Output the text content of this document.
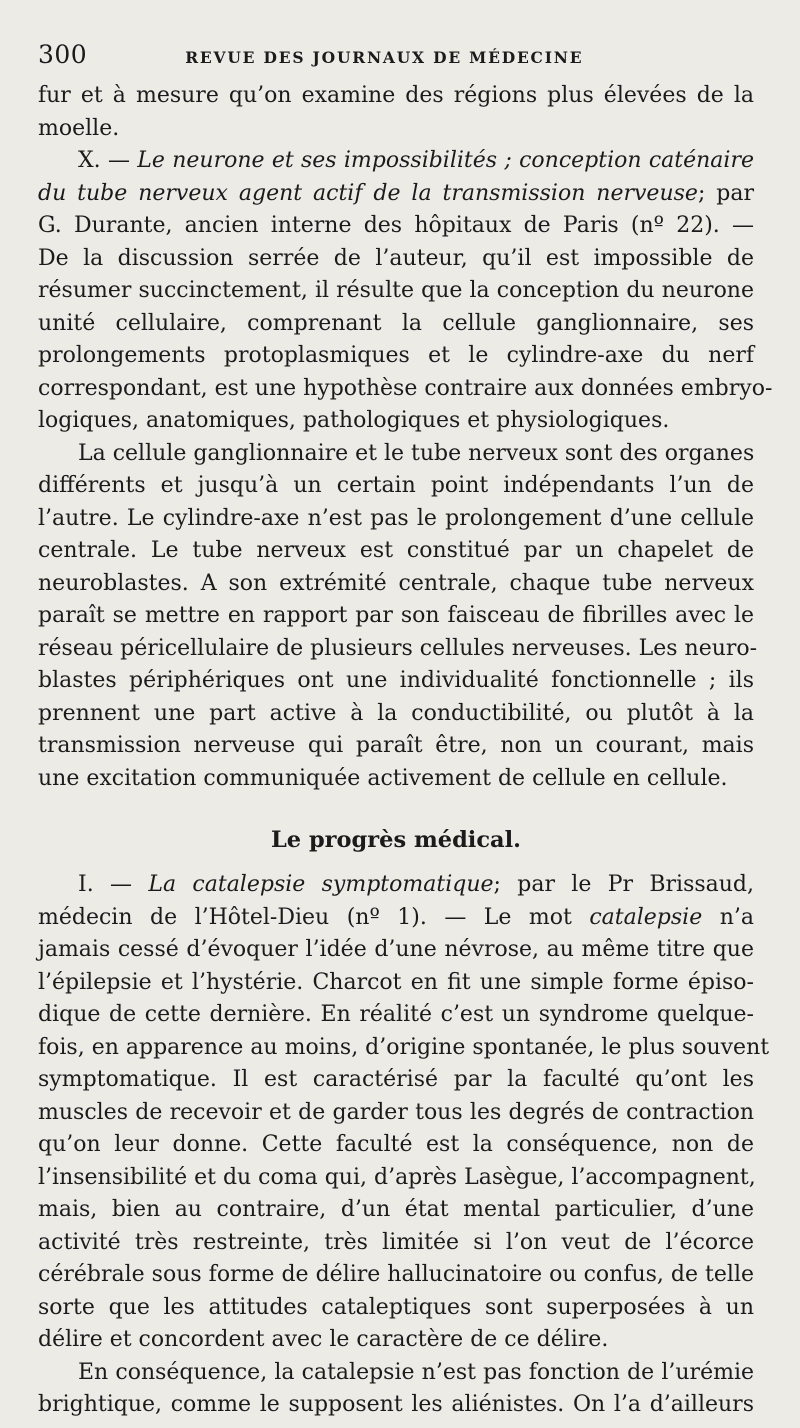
300	REVUE DES JOURNAUX DE MÉDECINE
fur et à mesure qu’on examine des régions plus élevées de la
moelle.
X. — Le neurone et ses impossibilités ; conception caténaire
du tube nerveux agent actif de la transmission nerveuse; par
G. Durante, ancien interne des hôpitaux de Paris (nº 22). —
De la discussion serrée de l’auteur, qu’il est impossible de
résumer succinctement, il résulte que la conception du neurone
unité cellulaire, comprenant la cellule ganglionnaire, ses
prolongements protoplasmiques et le cylindre-axe du nerf
correspondant, est une hypothèse contraire aux données embryo-
logiques, anatomiques, pathologiques et physiologiques.
La cellule ganglionnaire et le tube nerveux sont des organes
différents et jusqu’à un certain point indépendants l’un de
l’autre. Le cylindre-axe n’est pas le prolongement d’une cellule
centrale. Le tube nerveux est constitué par un chapelet de
neuroblastes. A son extrémité centrale, chaque tube nerveux
paraît se mettre en rapport par son faisceau de fibrilles avec le
réseau péricellulaire de plusieurs cellules nerveuses. Les neuro-
blastes périphériques ont une individualité fonctionnelle ; ils
prennent une part active à la conductibilité, ou plutôt à la
transmission nerveuse qui paraît être, non un courant, mais
une excitation communiquée activement de cellule en cellule.
Le progrès médical.
I. — La catalepsie symptomatique; par le Pr Brissaud,
médecin de l’Hôtel-Dieu (nº 1). — Le mot catalepsie n’a
jamais cessé d’évoquer l’idée d’une névrose, au même titre que
l’épilepsie et l’hystérie. Charcot en fit une simple forme épiso-
dique de cette dernière. En réalité c’est un syndrome quelque-
fois, en apparence au moins, d’origine spontanée, le plus souvent
symptomatique. Il est caractérisé par la faculté qu’ont les
muscles de recevoir et de garder tous les degrés de contraction
qu’on leur donne. Cette faculté est la conséquence, non de
l’insensibilité et du coma qui, d’après Lasègue, l’accompagnent,
mais, bien au contraire, d’un état mental particulier, d’une
activité très restreinte, très limitée si l’on veut de l’écorce
cérébrale sous forme de délire hallucinatoire ou confus, de telle
sorte que les attitudes cataleptiques sont superposées à un
délire et concordent avec le caractère de ce délire.
En conséquence, la catalepsie n’est pas fonction de l’urémie
brightique, comme le supposent les aliénistes. On l’a d’ailleurs
